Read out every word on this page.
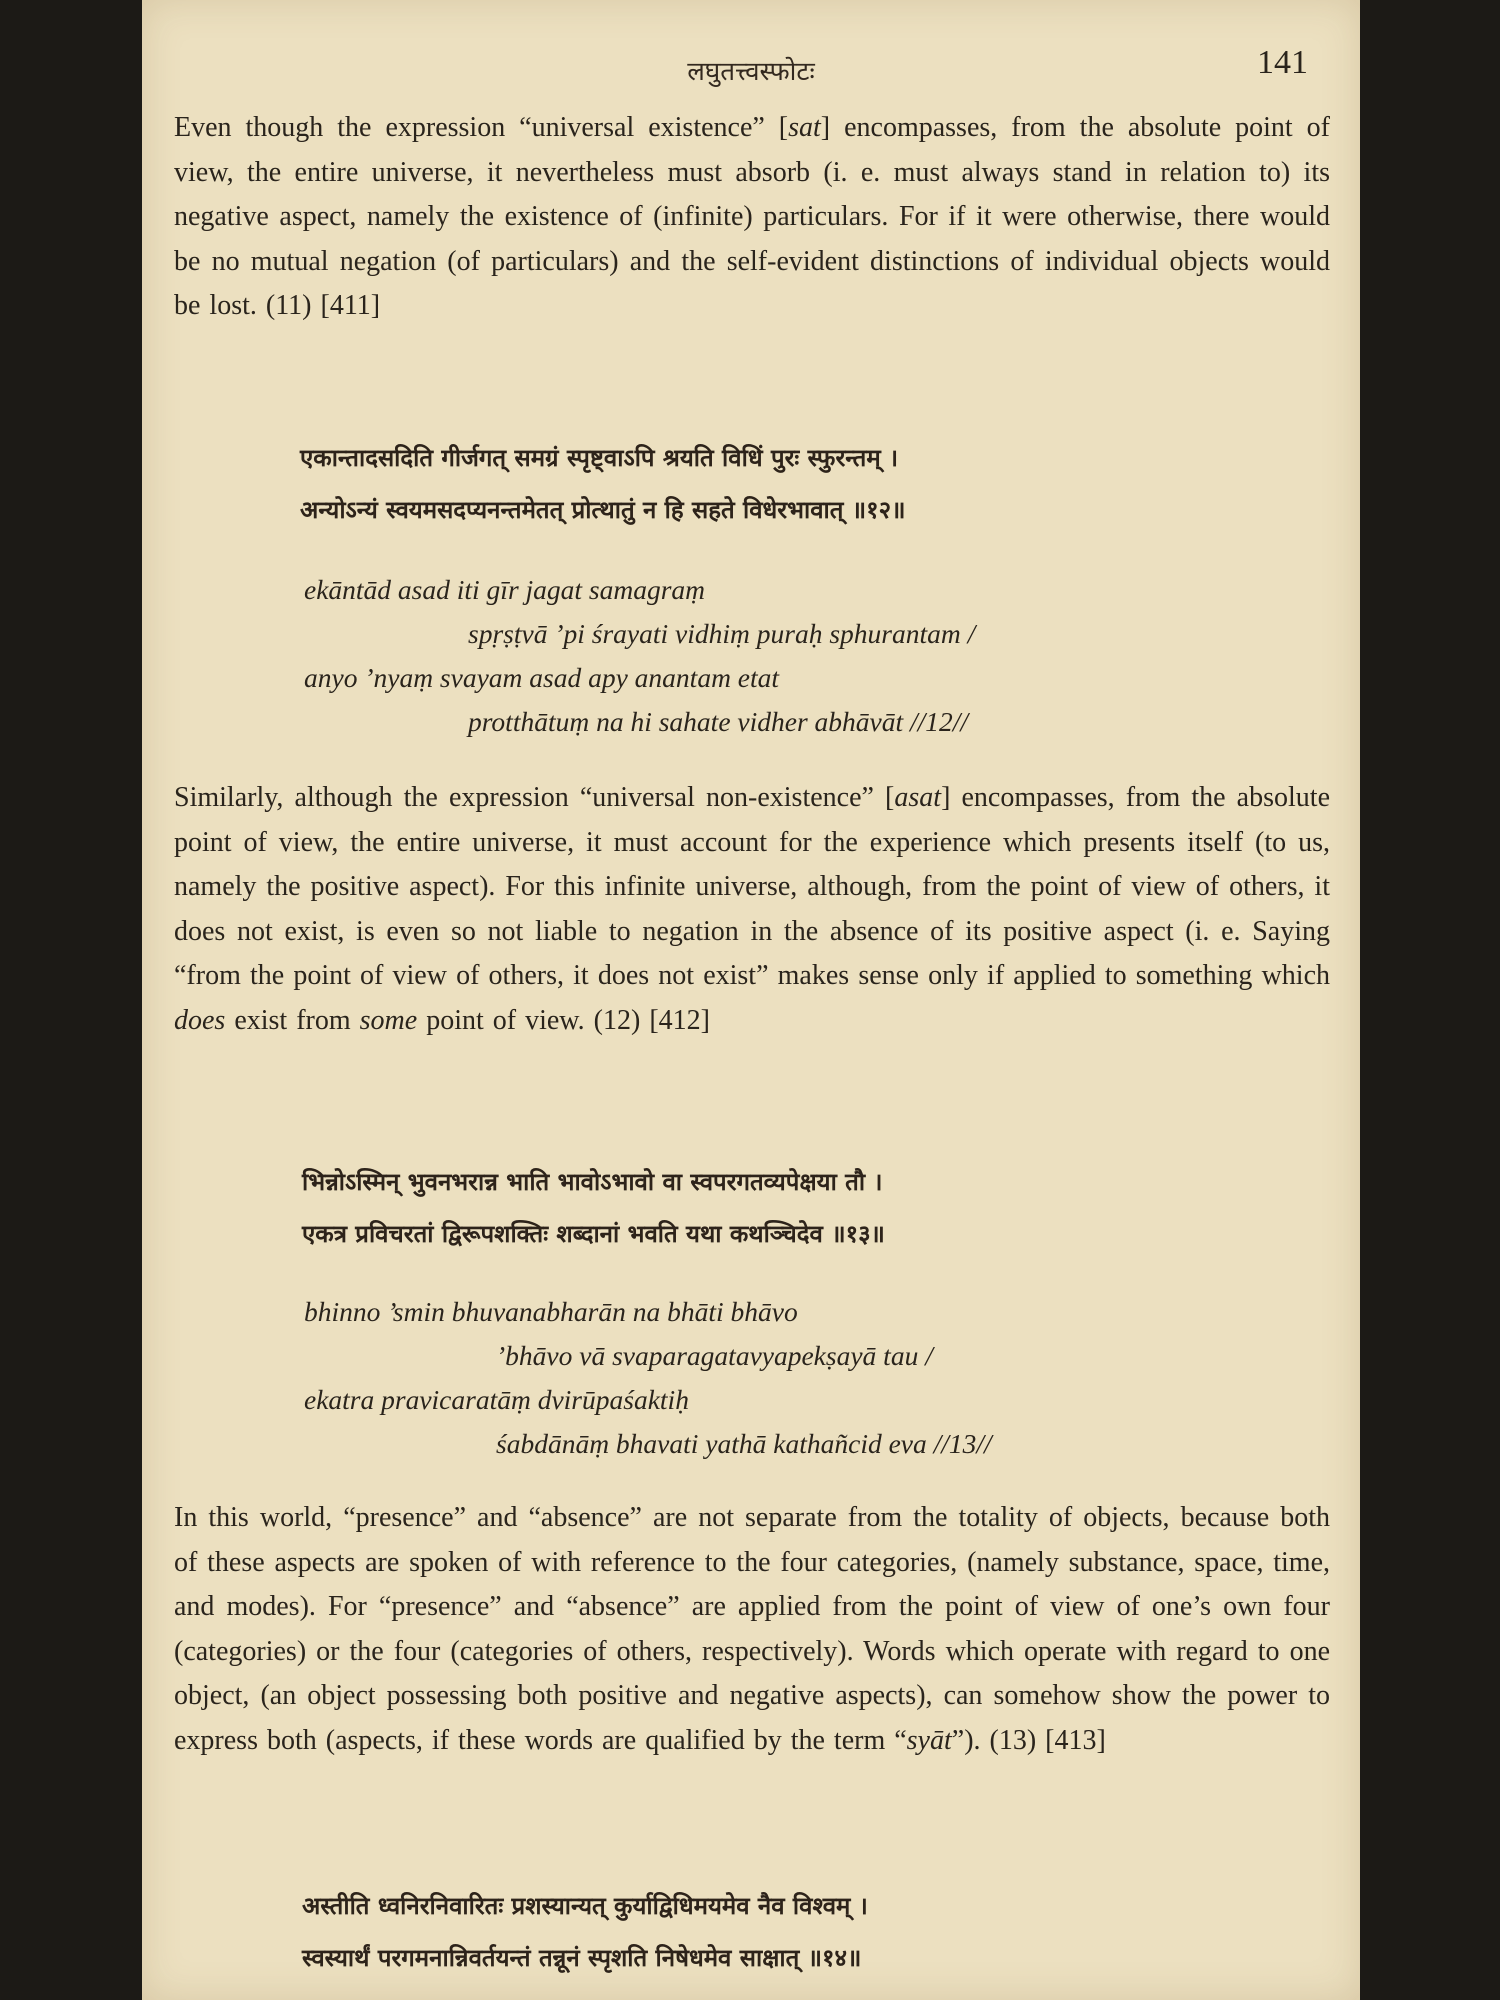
लघुतत्त्वस्फोटः	141

Even though the expression “universal existence” [sat] encompasses, from the absolute point of view, the entire universe, it nevertheless must absorb (i. e. must always stand in relation to) its negative aspect, namely the existence of (infinite) particulars. For if it were otherwise, there would be no mutual negation (of particulars) and the self-evident distinctions of individual objects would be lost. (11) [411]

एकान्तादसदिति गीर्जगत् समग्रं स्पृष्ट्वाऽपि श्रयति विधिं पुरः स्फुरन्तम् ।
अन्योऽन्यं स्वयमसदप्यनन्तमेतत् प्रोत्थातुं न हि सहते विधेरभावात् ॥१२॥
ekāntād asad iti gīr jagat samagraṃ
spṛṣṭvā ’pi śrayati vidhiṃ puraḥ sphurantam /
anyo ’nyaṃ svayam asad apy anantam etat
protthātuṃ na hi sahate vidher abhāvāt //12//

Similarly, although the expression “universal non-existence” [asat] encompasses, from the absolute point of view, the entire universe, it must account for the experience which presents itself (to us, namely the positive aspect). For this infinite universe, although, from the point of view of others, it does not exist, is even so not liable to negation in the absence of its positive aspect (i. e. Saying “from the point of view of others, it does not exist” makes sense only if applied to something which does exist from some point of view. (12) [412]

भिन्नोऽस्मिन् भुवनभरान्न भाति भावोऽभावो वा स्वपरगतव्यपेक्षया तौ ।
एकत्र प्रविचरतां द्विरूपशक्तिः शब्दानां भवति यथा कथञ्चिदेव ॥१३॥
bhinno ’smin bhuvanabharān na bhāti bhāvo
’bhāvo vā svaparagatavyapekṣayā tau /
ekatra pravicaratāṃ dvirūpaśaktiḥ
śabdānāṃ bhavati yathā kathañcid eva //13//

In this world, “presence” and “absence” are not separate from the totality of objects, because both of these aspects are spoken of with reference to the four categories, (namely substance, space, time, and modes). For “presence” and “absence” are applied from the point of view of one’s own four (categories) or the four (categories of others, respectively). Words which operate with regard to one object, (an object possessing both positive and negative aspects), can somehow show the power to express both (aspects, if these words are qualified by the term “syāt”). (13) [413]

अस्तीति ध्वनिरनिवारितः प्रशस्यान्यत् कुर्याद्विधिमयमेव नैव विश्वम् ।
स्वस्यार्थं परगमनान्निवर्तयन्तं तन्नूनं स्पृशति निषेधमेव साक्षात् ॥१४॥
